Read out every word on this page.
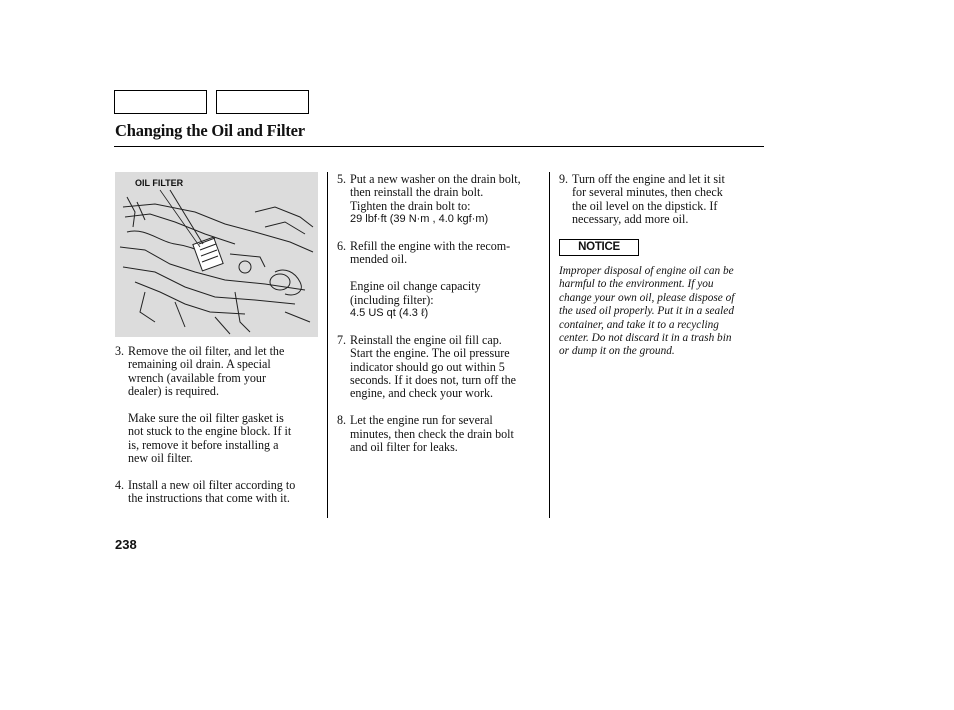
Changing the Oil and Filter
OIL FILTER
3. Remove the oil filter, and let the

remaining oil drain. A special

wrench (available from your

dealer) is required.

Make sure the oil filter gasket is

not stuck to the engine block. If it

is, remove it before installing a

new oil filter.

4. Install a new oil filter according to

the instructions that come with it.

5. Put a new washer on the drain bolt,

then reinstall the drain bolt.

Tighten the drain bolt to:

29 lbf·ft (39 N·m , 4.0 kgf·m)

6. Refill the engine with the recom-

mended oil.

Engine oil change capacity

(including filter):

4.5 US qt (4.3 ℓ)

7. Reinstall the engine oil fill cap.

Start the engine. The oil pressure

indicator should go out within 5

seconds. If it does not, turn off the

engine, and check your work.

8. Let the engine run for several

minutes, then check the drain bolt

and oil filter for leaks.

9. Turn off the engine and let it sit

for several minutes, then check

the oil level on the dipstick. If

necessary, add more oil.

NOTICE
Improper disposal of engine oil can be
harmful to the environment. If you
change your own oil, please dispose of
the used oil properly. Put it in a sealed
container, and take it to a recycling
center. Do not discard it in a trash bin
or dump it on the ground.
238
